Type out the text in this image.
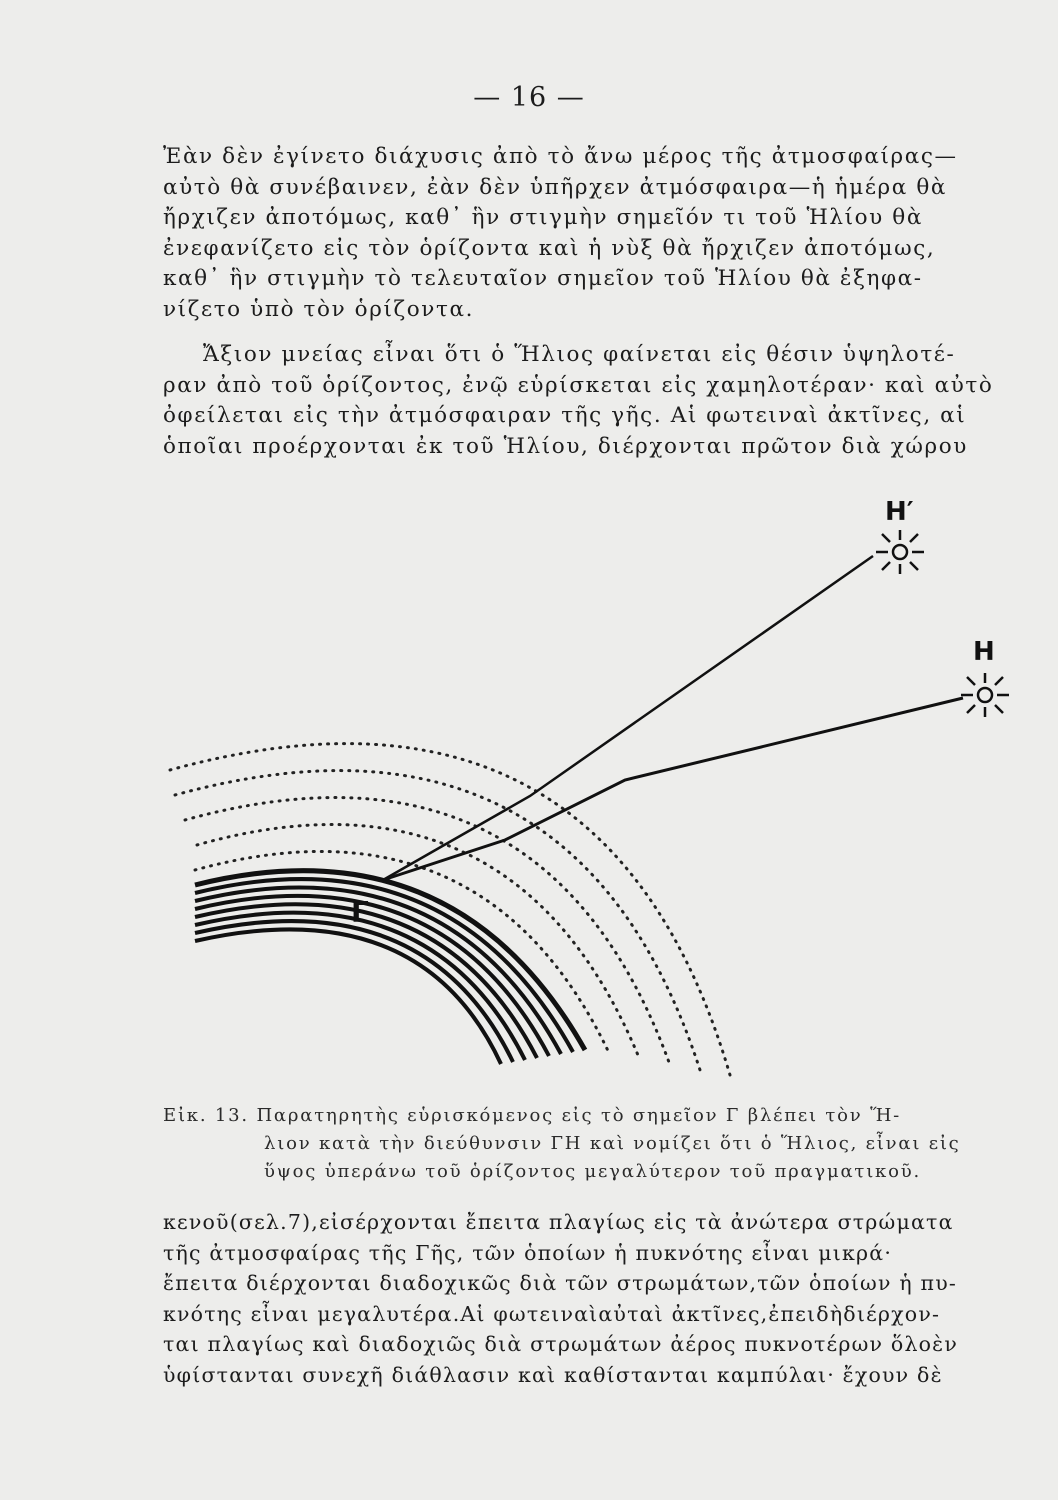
— 16 —

Ἐὰν δὲν ἐγίνετο διάχυσις ἀπὸ τὸ ἄνω μέρος τῆς ἀτμοσφαίρας—
αὐτὸ θὰ συνέβαινεν, ἐὰν δὲν ὑπῆρχεν ἀτμόσφαιρα—ἡ ἡμέρα θὰ
ἤρχιζεν ἀποτόμως, καθ᾿ ἣν στιγμὴν σημεῖόν τι τοῦ Ἡλίου θὰ
ἐνεφανίζετο εἰς τὸν ὁρίζοντα καὶ ἡ νὺξ θὰ ἤρχιζεν ἀποτόμως,
καθ᾿ ἣν στιγμὴν τὸ τελευταῖον σημεῖον τοῦ Ἡλίου θὰ ἐξηφα-
νίζετο ὑπὸ τὸν ὁρίζοντα.

Ἄξιον μνείας εἶναι ὅτι ὁ Ἥλιος φαίνεται εἰς θέσιν ὑψηλοτέ-
ραν ἀπὸ τοῦ ὁρίζοντος, ἐνῷ εὑρίσκεται εἰς χαμηλοτέραν· καὶ αὐτὸ
ὀφείλεται εἰς τὴν ἀτμόσφαιραν τῆς γῆς. Αἱ φωτειναὶ ἀκτῖνες, αἱ
ὁποῖαι προέρχονται ἐκ τοῦ Ἡλίου, διέρχονται πρῶτον διὰ χώρου

Η′
Η
Γ
Εἰκ. 13. Παρατηρητὴς εὑρισκόμενος εἰς τὸ σημεῖον Γ βλέπει τὸν Ἥ-
λιον κατὰ τὴν διεύθυνσιν ΓΗ καὶ νομίζει ὅτι ὁ Ἥλιος, εἶναι εἰς
ὕψος ὑπεράνω τοῦ ὁρίζοντος μεγαλύτερον τοῦ πραγματικοῦ.

κενοῦ(σελ.7),εἰσέρχονται ἔπειτα πλαγίως εἰς τὰ ἀνώτερα στρώματα
τῆς ἀτμοσφαίρας τῆς Γῆς, τῶν ὁποίων ἡ πυκνότης εἶναι μικρά·
ἔπειτα διέρχονται διαδοχικῶς διὰ τῶν στρωμάτων,τῶν ὁποίων ἡ πυ-
κνότης εἶναι μεγαλυτέρα.Αἱ φωτειναὶαὐταὶ ἀκτῖνες,ἐπειδὴδιέρχον-
ται πλαγίως καὶ διαδοχιῶς διὰ στρωμάτων ἀέρος πυκνοτέρων ὅλοὲν
ὑφίστανται συνεχῆ διάθλασιν καὶ καθίστανται καμπύλαι· ἔχουν δὲ
